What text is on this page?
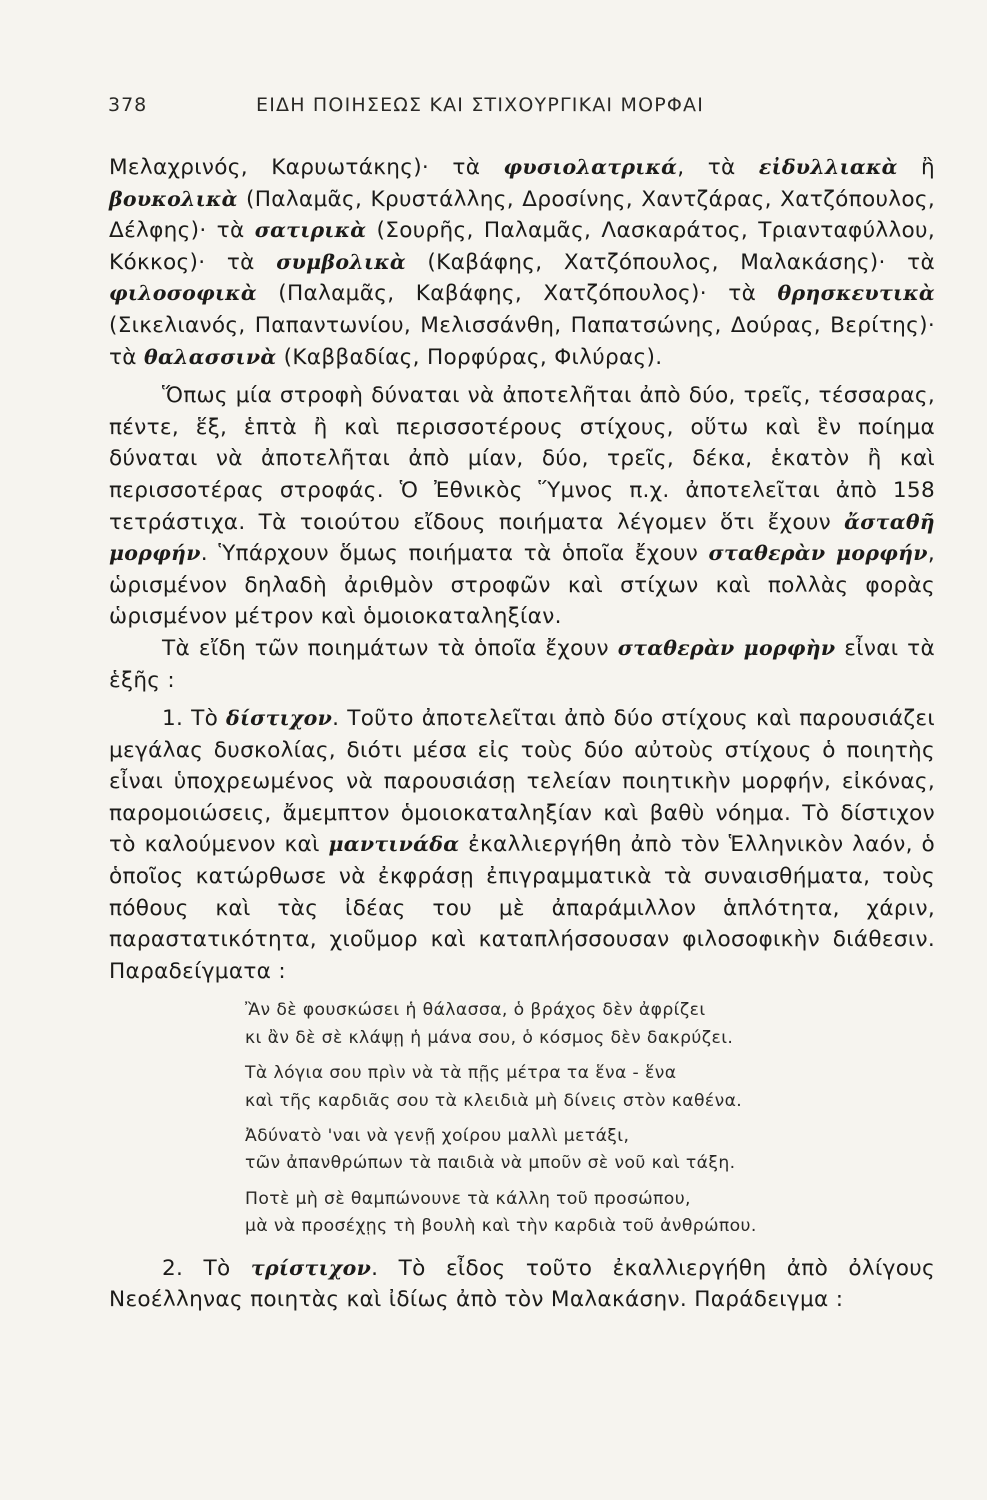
378	ΕΙΔΗ ΠΟΙΗΣΕΩΣ ΚΑΙ ΣΤΙΧΟΥΡΓΙΚΑΙ ΜΟΡΦΑΙ

Μελαχρινός, Καρυωτάκης)· τὰ φυσιολατρικά, τὰ εἰδυλλιακὰ ἢ βουκολικὰ (Παλαμᾶς, Κρυστάλλης, Δροσίνης, Χαντζάρας, Χατζόπουλος, Δέλφης)· τὰ σατιρικὰ (Σουρῆς, Παλαμᾶς, Λασκαράτος, Τριανταφύλλου, Κόκκος)· τὰ συμβολικὰ (Καβάφης, Χατζόπουλος, Μαλακάσης)· τὰ φιλοσοφικὰ (Παλαμᾶς, Καβάφης, Χατζόπουλος)· τὰ θρησκευτικὰ (Σικελιανός, Παπαντωνίου, Μελισσάνθη, Παπατσώνης, Δούρας, Βερίτης)· τὰ θαλασσινὰ (Καββαδίας, Πορφύρας, Φιλύρας).

Ὅπως μία στροφὴ δύναται νὰ ἀποτελῆται ἀπὸ δύο, τρεῖς, τέσσαρας, πέντε, ἕξ, ἑπτὰ ἢ καὶ περισσοτέρους στίχους, οὕτω καὶ ἓν ποίημα δύναται νὰ ἀποτελῆται ἀπὸ μίαν, δύο, τρεῖς, δέκα, ἑκατὸν ἢ καὶ περισσοτέρας στροφάς. Ὁ Ἐθνικὸς Ὕμνος π.χ. ἀποτελεῖται ἀπὸ 158 τετράστιχα. Τὰ τοιούτου εἴδους ποιήματα λέγομεν ὅτι ἔχουν ἄσταθῆ μορφήν. Ὑπάρχουν ὅμως ποιήματα τὰ ὁποῖα ἔχουν σταθερὰν μορφήν, ὡρισμένον δηλαδὴ ἀριθμὸν στροφῶν καὶ στίχων καὶ πολλὰς φορὰς ὡρισμένον μέτρον καὶ ὁμοιοκαταληξίαν.

Τὰ εἴδη τῶν ποιημάτων τὰ ὁποῖα ἔχουν σταθερὰν μορφὴν εἶναι τὰ ἑξῆς :

1. Τὸ δίστιχον. Τοῦτο ἀποτελεῖται ἀπὸ δύο στίχους καὶ παρουσιάζει μεγάλας δυσκολίας, διότι μέσα εἰς τοὺς δύο αὐτοὺς στίχους ὁ ποιητὴς εἶναι ὑποχρεωμένος νὰ παρουσιάσῃ τελείαν ποιητικὴν μορφήν, εἰκόνας, παρομοιώσεις, ἄμεμπτον ὁμοιοκαταληξίαν καὶ βαθὺ νόημα. Τὸ δίστιχον τὸ καλούμενον καὶ μαντινάδα ἐκαλλιεργήθη ἀπὸ τὸν Ἑλληνικὸν λαόν, ὁ ὁποῖος κατώρθωσε νὰ ἐκφράσῃ ἐπιγραμματικὰ τὰ συναισθήματα, τοὺς πόθους καὶ τὰς ἰδέας του μὲ ἀπαράμιλλον ἁπλότητα, χάριν, παραστατικότητα, χιοῦμορ καὶ καταπλήσσουσαν φιλοσοφικὴν διάθεσιν. Παραδείγματα :

Ἂν δὲ φουσκώσει ἡ θάλασσα, ὁ βράχος δὲν ἀφρίζει
κι ἂν δὲ σὲ κλάψῃ ἡ μάνα σου, ὁ κόσμος δὲν δακρύζει.
Τὰ λόγια σου πρὶν νὰ τὰ πῇς μέτρα τα ἕνα - ἕνα
καὶ τῆς καρδιᾶς σου τὰ κλειδιὰ μὴ δίνεις στὸν καθένα.
Ἀδύνατὸ 'ναι νὰ γενῇ χοίρου μαλλὶ μετάξι,
τῶν ἀπανθρώπων τὰ παιδιὰ νὰ μποῦν σὲ νοῦ καὶ τάξη.
Ποτὲ μὴ σὲ θαμπώνουνε τὰ κάλλη τοῦ προσώπου,
μὰ νὰ προσέχῃς τὴ βουλὴ καὶ τὴν καρδιὰ τοῦ ἀνθρώπου.

2. Τὸ τρίστιχον. Τὸ εἶδος τοῦτο ἐκαλλιεργήθη ἀπὸ ὀλίγους Νεοέλληνας ποιητὰς καὶ ἰδίως ἀπὸ τὸν Μαλακάσην. Παράδειγμα :
